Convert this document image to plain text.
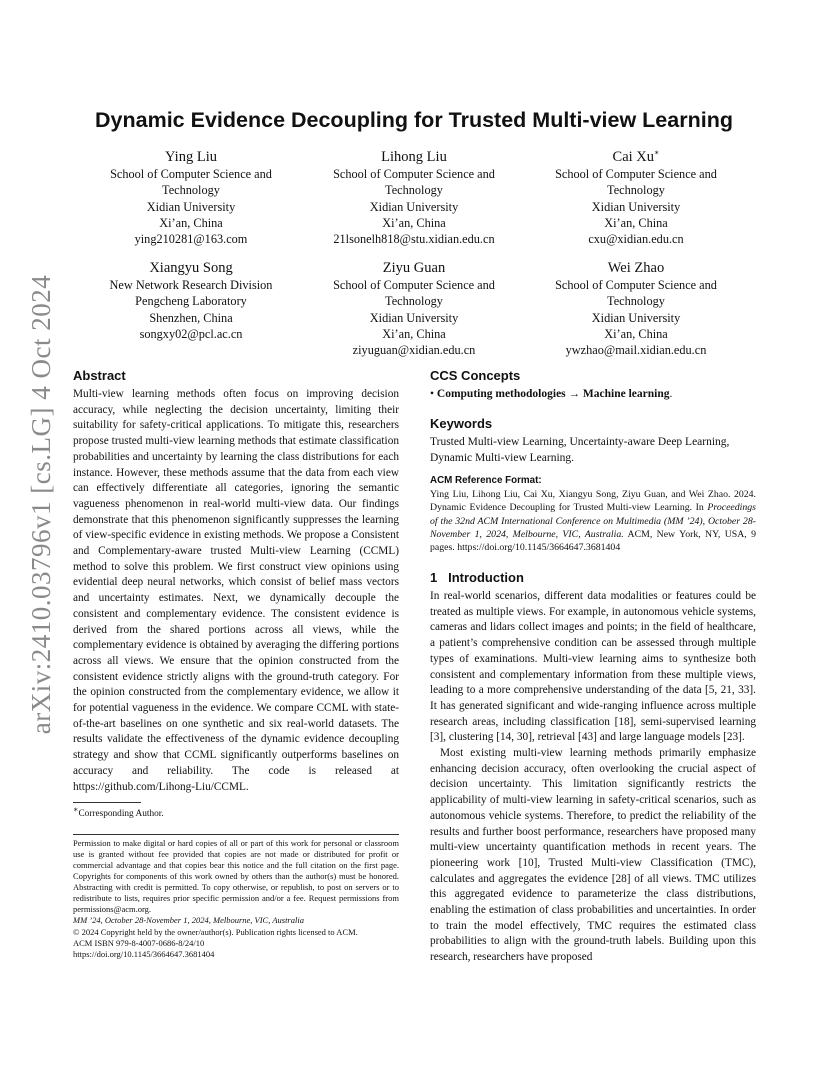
arXiv:2410.03796v1 [cs.LG] 4 Oct 2024
Dynamic Evidence Decoupling for Trusted Multi-view Learning
Ying Liu
School of Computer Science and
Technology
Xidian University
Xi’an, China
ying210281@163.com
Lihong Liu
School of Computer Science and
Technology
Xidian University
Xi’an, China
21lsonelh818@stu.xidian.edu.cn
Cai Xu∗
School of Computer Science and
Technology
Xidian University
Xi’an, China
cxu@xidian.edu.cn
Xiangyu Song
New Network Research Division
Pengcheng Laboratory
Shenzhen, China
songxy02@pcl.ac.cn
Ziyu Guan
School of Computer Science and
Technology
Xidian University
Xi’an, China
ziyuguan@xidian.edu.cn
Wei Zhao
School of Computer Science and
Technology
Xidian University
Xi’an, China
ywzhao@mail.xidian.edu.cn
Abstract

Multi-view learning methods often focus on improving decision accuracy, while neglecting the decision uncertainty, limiting their suitability for safety-critical applications. To mitigate this, researchers propose trusted multi-view learning methods that estimate classification probabilities and uncertainty by learning the class distributions for each instance. However, these methods assume that the data from each view can effectively differentiate all categories, ignoring the semantic vagueness phenomenon in real-world multi-view data. Our findings demonstrate that this phenomenon significantly suppresses the learning of view-specific evidence in existing methods. We propose a Consistent and Complementary-aware trusted Multi-view Learning (CCML) method to solve this problem. We first construct view opinions using evidential deep neural networks, which consist of belief mass vectors and uncertainty estimates. Next, we dynamically decouple the consistent and complementary evidence. The consistent evidence is derived from the shared portions across all views, while the complementary evidence is obtained by averaging the differing portions across all views. We ensure that the opinion constructed from the consistent evidence strictly aligns with the ground-truth category. For the opinion constructed from the complementary evidence, we allow it for potential vagueness in the evidence. We compare CCML with state-of-the-art baselines on one synthetic and six real-world datasets. The results validate the effectiveness of the dynamic evidence decoupling strategy and show that CCML significantly outperforms baselines on accuracy and reliability. The code is released at https://github.com/Lihong-Liu/CCML.

∗Corresponding Author.

Permission to make digital or hard copies of all or part of this work for personal or classroom use is granted without fee provided that copies are not made or distributed for profit or commercial advantage and that copies bear this notice and the full citation on the first page. Copyrights for components of this work owned by others than the author(s) must be honored. Abstracting with credit is permitted. To copy otherwise, or republish, to post on servers or to redistribute to lists, requires prior specific permission and/or a fee. Request permissions from permissions@acm.org.

MM ’24, October 28-November 1, 2024, Melbourne, VIC, Australia

© 2024 Copyright held by the owner/author(s). Publication rights licensed to ACM.

ACM ISBN 979-8-4007-0686-8/24/10

https://doi.org/10.1145/3664647.3681404

CCS Concepts

• Computing methodologies → Machine learning.

Keywords

Trusted Multi-view Learning, Uncertainty-aware Deep Learning, Dynamic Multi-view Learning.

ACM Reference Format:

Ying Liu, Lihong Liu, Cai Xu, Xiangyu Song, Ziyu Guan, and Wei Zhao. 2024. Dynamic Evidence Decoupling for Trusted Multi-view Learning. In Proceedings of the 32nd ACM International Conference on Multimedia (MM ’24), October 28-November 1, 2024, Melbourne, VIC, Australia. ACM, New York, NY, USA, 9 pages. https://doi.org/10.1145/3664647.3681404

1 Introduction

In real-world scenarios, different data modalities or features could be treated as multiple views. For example, in autonomous vehicle systems, cameras and lidars collect images and points; in the field of healthcare, a patient’s comprehensive condition can be assessed through multiple types of examinations. Multi-view learning aims to synthesize both consistent and complementary information from these multiple views, leading to a more comprehensive understanding of the data [5, 21, 33]. It has generated significant and wide-ranging influence across multiple research areas, including classification [18], semi-supervised learning [3], clustering [14, 30], retrieval [43] and large language models [23].

Most existing multi-view learning methods primarily emphasize enhancing decision accuracy, often overlooking the crucial aspect of decision uncertainty. This limitation significantly restricts the applicability of multi-view learning in safety-critical scenarios, such as autonomous vehicle systems. Therefore, to predict the reliability of the results and further boost performance, researchers have proposed many multi-view uncertainty quantification methods in recent years. The pioneering work [10], Trusted Multi-view Classification (TMC), calculates and aggregates the evidence [28] of all views. TMC utilizes this aggregated evidence to parameterize the class distributions, enabling the estimation of class probabilities and uncertainties. In order to train the model effectively, TMC requires the estimated class probabilities to align with the ground-truth labels. Building upon this research, researchers have proposed
